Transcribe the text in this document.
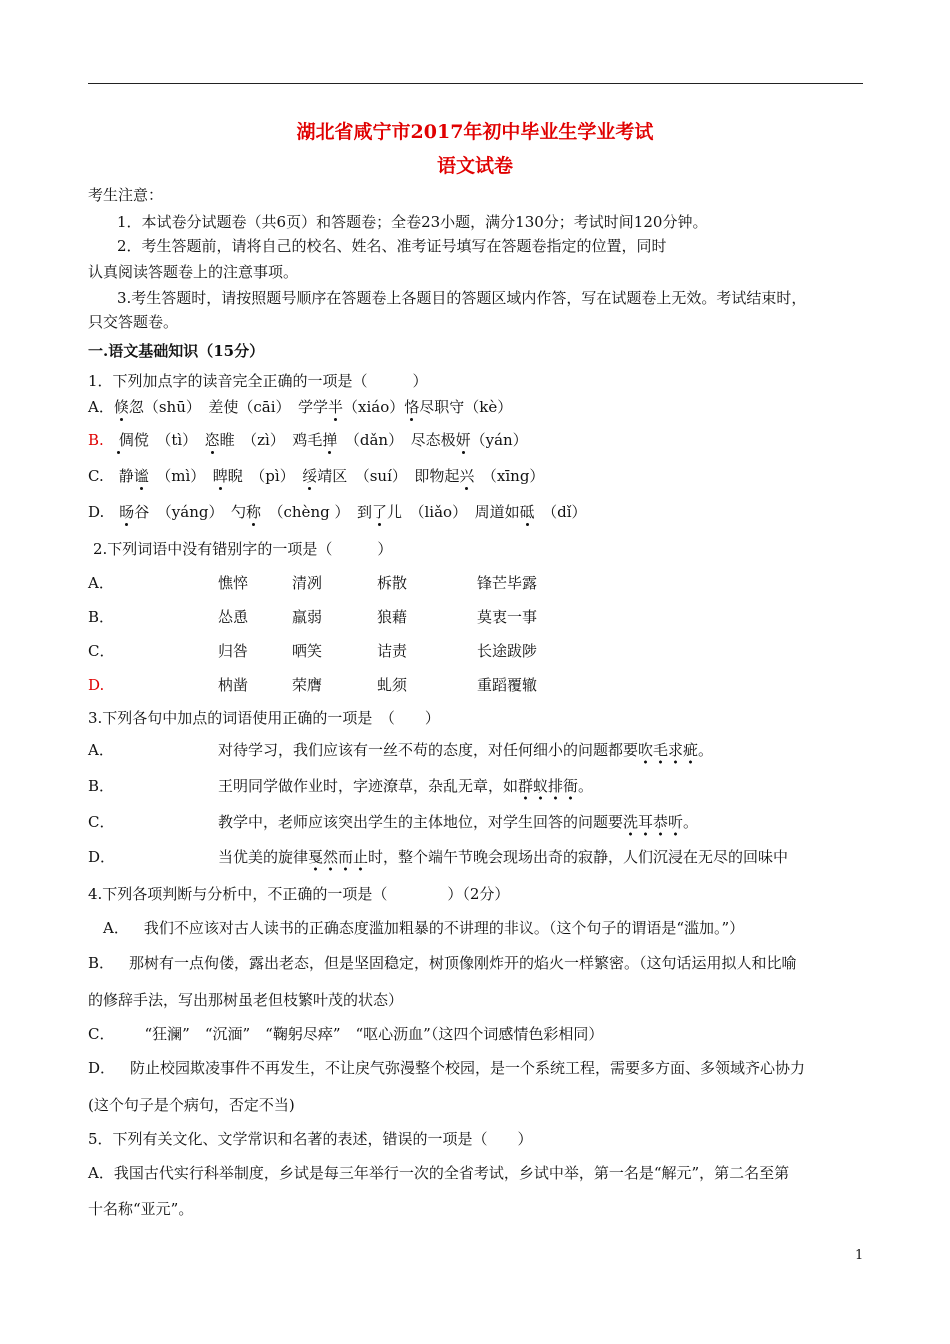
湖北省咸宁市2017年初中毕业生学业考试
语文试卷
考生注意：
1．本试卷分试题卷（共6页）和答题卷；全卷23小题，满分130分；考试时间120分钟。
2．考生答题前，请将自己的校名、姓名、准考证号填写在答题卷指定的位置，同时
认真阅读答题卷上的注意事项。
3.考生答题时，请按照题号顺序在答题卷上各题目的答题区域内作答，写在试题卷上无效。考试结束时，
只交答题卷。
一.语文基础知识（15分）
1．下列加点字的读音完全正确的一项是（　　　）
A．倏忽（shū）　差使（cāi）　学学半（xiáo）恪尽职守（kè）
B.　倜傥　（tì）　恣睢　（zì）　鸡毛掸　（dǎn）　尽态极妍（yán）
C.　静谧　（mì）　睥睨　（pì）　绥靖区　（suí）　即物起兴　（xīng）
D.　 旸谷　（yáng）　勺称　（chèng ）　到了儿　（liǎo）　周道如砥　（dǐ）
2.下列词语中没有错别字的一项是（　　　）
A．	憔悴	清冽	柝散	锋芒毕露
B．	怂恿	羸弱	狼藉	莫衷一事
C．	归咎	哂笑	诘责	长途跋陟
D.	枘凿	荣膺	虬须	重蹈覆辙
3.下列各句中加点的词语使用正确的一项是　（　　）
A．	对待学习，我们应该有一丝不苟的态度，对任何细小的问题都要吹毛求疵。
B．	王明同学做作业时，字迹潦草，杂乱无章，如群蚁排衙。
C．	教学中，老师应该突出学生的主体地位，对学生回答的问题要洗耳恭听。
D．	当优美的旋律戛然而止时，整个端午节晚会现场出奇的寂静，人们沉浸在无尽的回味中
4.下列各项判断与分析中，不正确的一项是（　　　　）（2分）
A．  我们不应该对古人读书的正确态度滥加粗暴的不讲理的非议。（这个句子的谓语是“滥加。”）
B．  那树有一点佝偻，露出老态，但是坚固稳定，树顶像刚炸开的焰火一样繁密。（这句话运用拟人和比喻
的修辞手法，写出那树虽老但枝繁叶茂的状态）
C．   “狂澜”　“沉湎”　“鞠躬尽瘁”　“呕心沥血”（这四个词感情色彩相同）
D．  防止校园欺凌事件不再发生，不让戾气弥漫整个校园，是一个系统工程，需要多方面、多领域齐心协力
(这个句子是个病句，否定不当)
5．下列有关文化、文学常识和名著的表述，错误的一项是（　　）
A．我国古代实行科举制度，乡试是每三年举行一次的全省考试，乡试中举，第一名是“解元”，第二名至第
十名称“亚元”。
1
